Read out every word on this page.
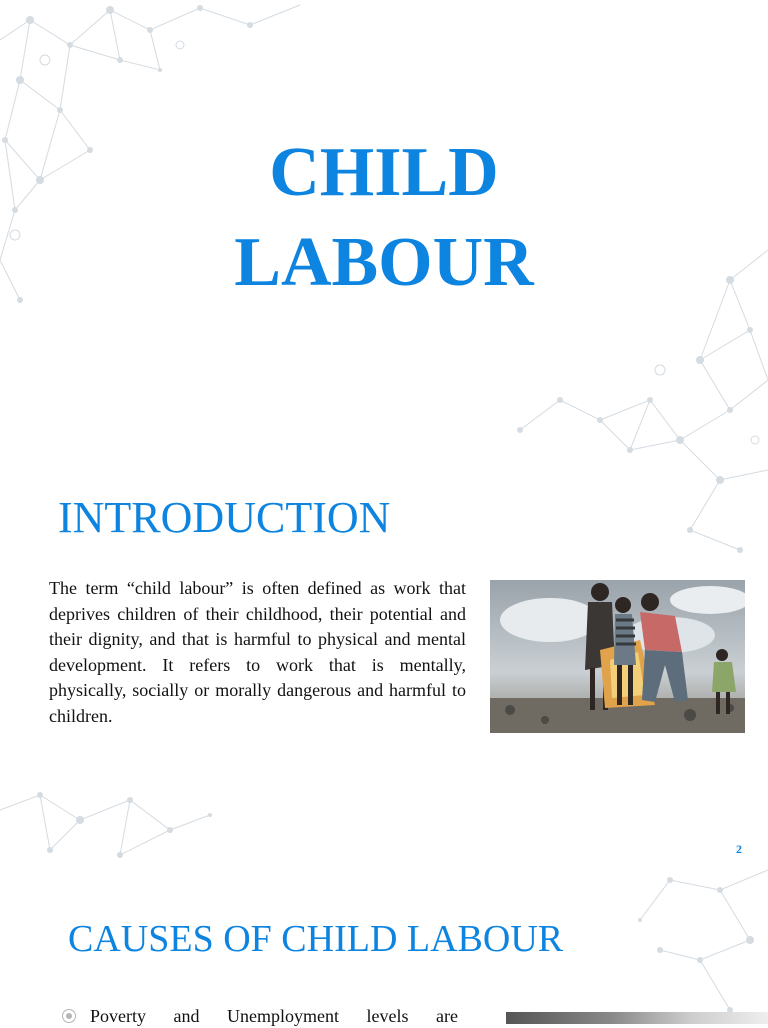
CHILD
LABOUR
INTRODUCTION

The term “child labour” is often defined as work that deprives children of their childhood, their potential and their dignity, and that is harmful to physical and mental development. It refers to work that is mentally, physically, socially or morally dangerous and harmful to children.

2
CAUSES OF CHILD LABOUR
Poverty and Unemployment levels are
